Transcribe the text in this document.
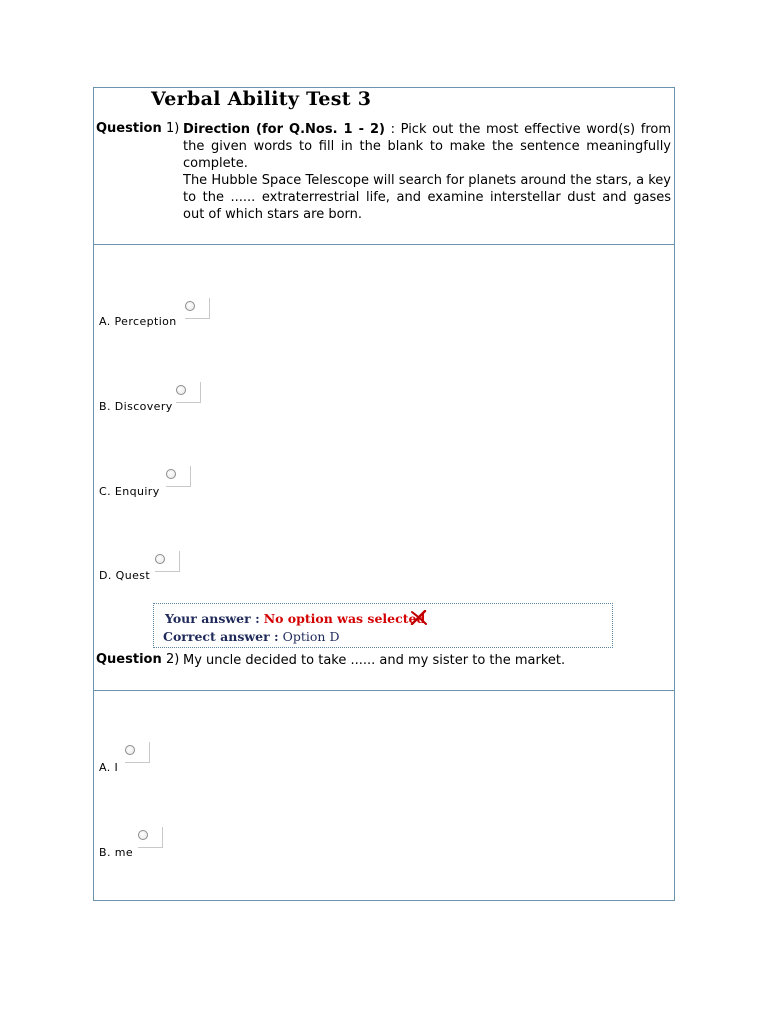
Verbal Ability Test 3
Question 1) Direction (for Q.Nos. 1 - 2) : Pick out the most effective word(s) from the given words to fill in the blank to make the sentence meaningfully complete.
The Hubble Space Telescope will search for planets around the stars, a key to the ...... extraterrestrial life, and examine interstellar dust and gases out of which stars are born.
A. Perception
B. Discovery
C. Enquiry
D. Quest
Your answer : No option was selected
Correct answer : Option D
Question 2) My uncle decided to take ...... and my sister to the market.
A. I
B. me
